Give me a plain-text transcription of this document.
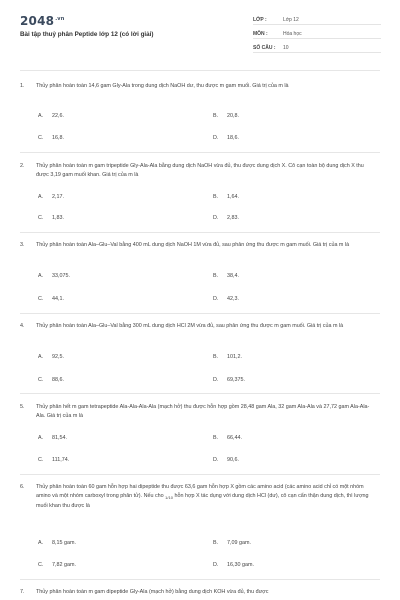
$2048^{.vn}$
Bài tập thuỷ phân Peptide lớp 12 (có lời giải)
LỚP :	Lớp 12
MÔN :	Hóa học
SỐ CÂU : 10
1. Thủy phân hoàn toàn 14,6 gam Gly-Ala trong dung dịch NaOH dư, thu được m gam muối. Giá trị của m là
A. 22,6.	B. 20,8.
C. 16,8.	D. 18,6.
2. Thủy phân hoàn toàn m gam tripeptide Gly-Ala-Ala bằng dung dịch NaOH vừa đủ, thu được dung dịch X. Cô cạn toàn bộ dung dịch X thu được 3,19 gam muối khan. Giá trị của m là
A. 2,17.	B. 1,64.
C. 1,83.	D. 2,83.
3. Thủy phân hoàn toàn Ala–Glu–Val bằng 400 mL dung dịch NaOH 1M vừa đủ, sau phản ứng thu được m gam muối. Giá trị của m là
A. 33,075.	B. 38,4.
C. 44,1.	D. 42,3.
4. Thủy phân hoàn toàn Ala–Glu–Val bằng 300 mL dung dịch HCl 2M vừa đủ, sau phản ứng thu được m gam muối. Giá trị của m là
A. 92,5.	B. 101,2.
C. 88,6.	D. 69,375.
5. Thủy phân hết m gam tetrapeptide Ala-Ala-Ala-Ala (mạch hở) thu được hỗn hợp gồm 28,48 gam Ala, 32 gam Ala-Ala và 27,72 gam Ala-Ala-Ala. Giá trị của m là
A. 81,54.	B. 66,44.
C. 111,74.	D. 90,6.
6. Thủy phân hoàn toàn 60 gam hỗn hợp hai dipeptide thu được 63,6 gam hỗn hợp X gồm các amino acid (các amino acid chỉ có một nhóm amino và một nhóm carboxyl trong phân tử). Nếu cho $_{1/10}$ hỗn hợp X tác dụng với dung dịch HCl (dư), cô cạn cẩn thận dung dịch, thì lượng muối khan thu được là
A. 8,15 gam.	B. 7,09 gam.
C. 7,82 gam.	D. 16,30 gam.
7. Thủy phân hoàn toàn m gam dipeptide Gly-Ala (mạch hở) bằng dung dịch KOH vừa đủ, thu được
